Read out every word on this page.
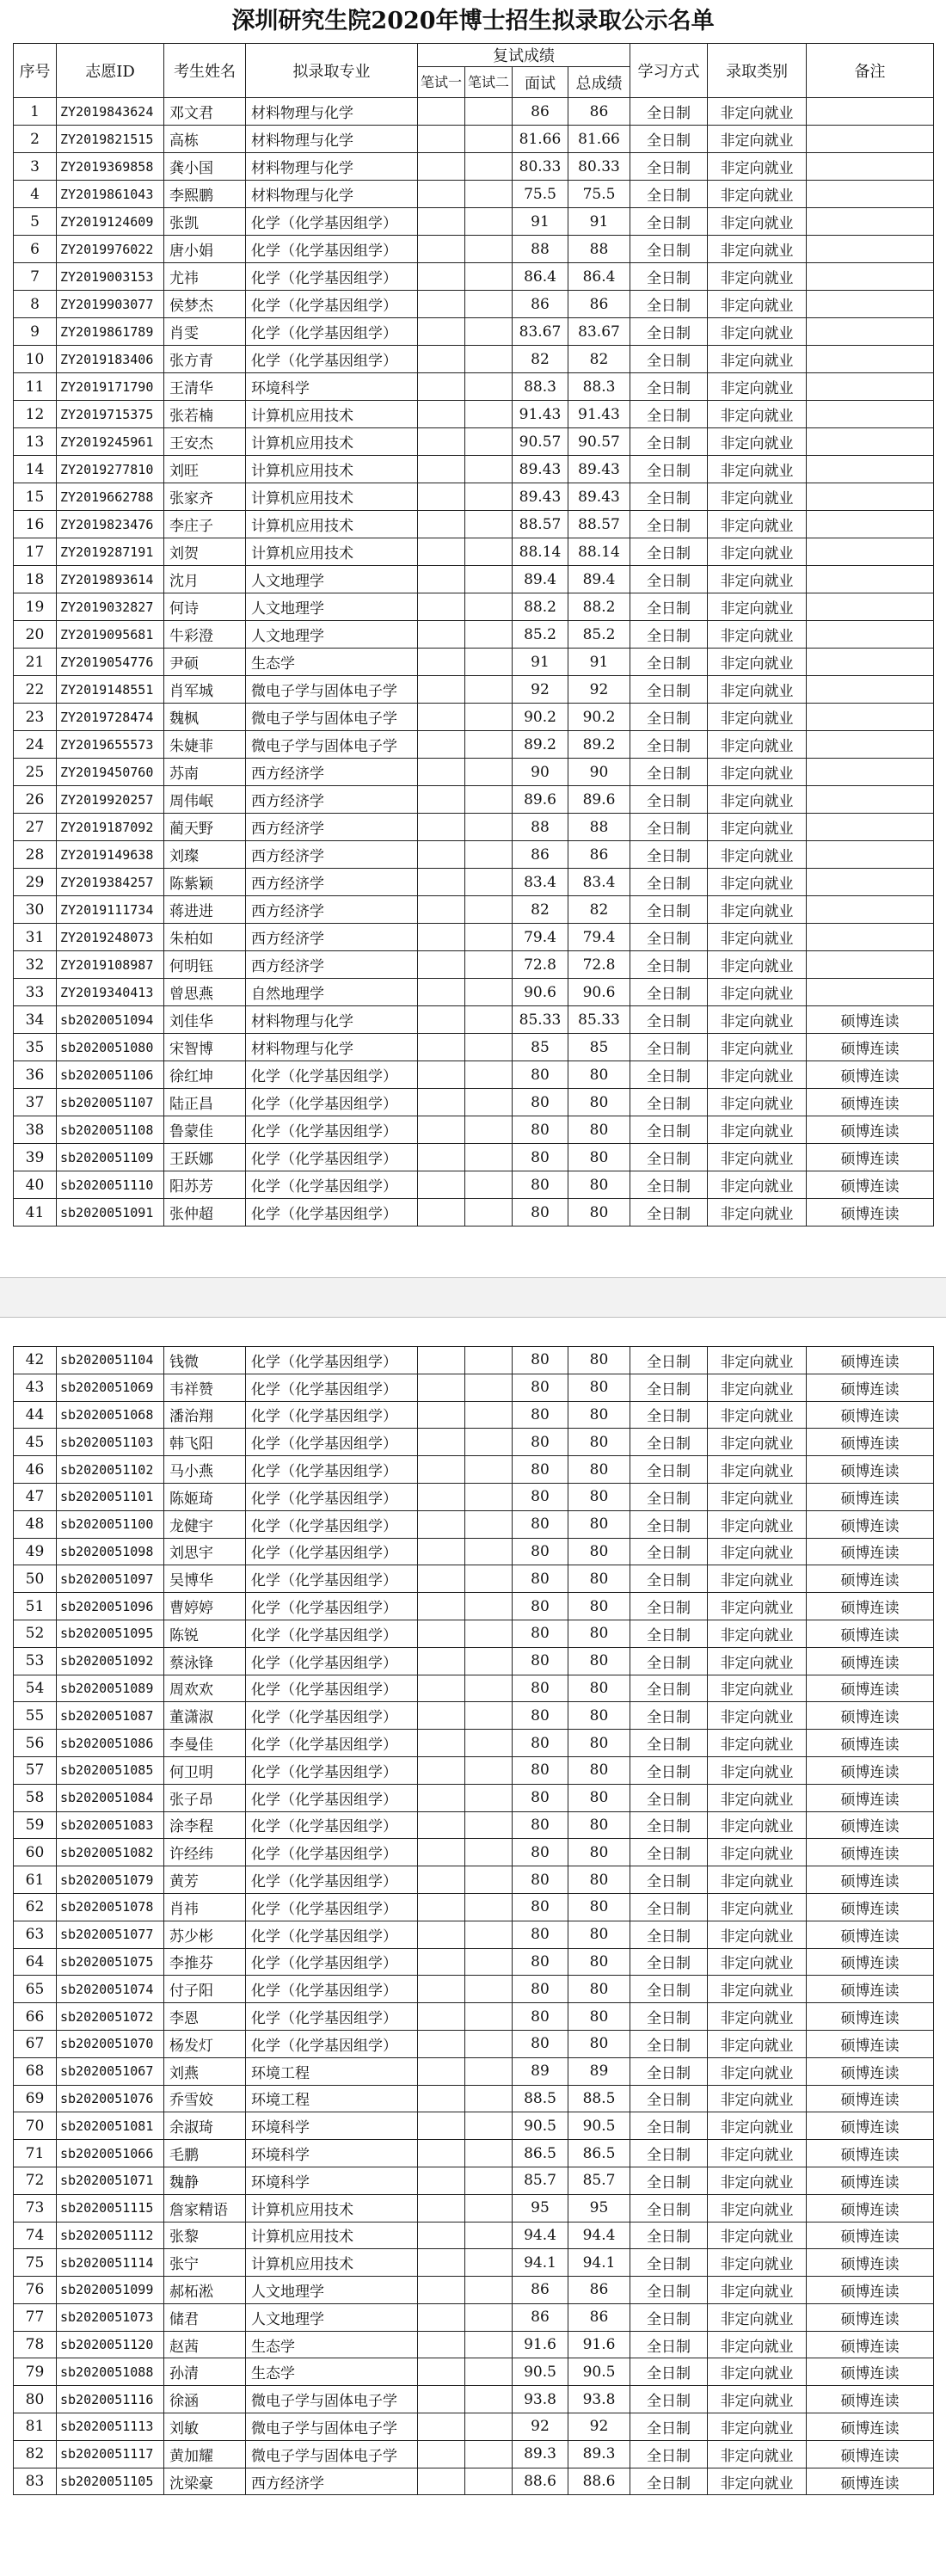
深圳研究生院2020年博士招生拟录取公示名单
序号	志愿ID	考生姓名	拟录取专业	复试成绩				学习方式	录取类别	备注
				笔试一	笔试二	面试	总成绩			
1	ZY2019843624	邓文君	材料物理与化学			86	86	全日制	非定向就业	
2	ZY2019821515	高栋	材料物理与化学			81.66	81.66	全日制	非定向就业	
3	ZY2019369858	龚小国	材料物理与化学			80.33	80.33	全日制	非定向就业	
4	ZY2019861043	李熙鹏	材料物理与化学			75.5	75.5	全日制	非定向就业	
5	ZY2019124609	张凯	化学（化学基因组学）			91	91	全日制	非定向就业	
6	ZY2019976022	唐小娟	化学（化学基因组学）			88	88	全日制	非定向就业	
7	ZY2019003153	尤祎	化学（化学基因组学）			86.4	86.4	全日制	非定向就业	
8	ZY2019903077	侯梦杰	化学（化学基因组学）			86	86	全日制	非定向就业	
9	ZY2019861789	肖雯	化学（化学基因组学）			83.67	83.67	全日制	非定向就业	
10	ZY2019183406	张方青	化学（化学基因组学）			82	82	全日制	非定向就业	
11	ZY2019171790	王清华	环境科学			88.3	88.3	全日制	非定向就业	
12	ZY2019715375	张若楠	计算机应用技术			91.43	91.43	全日制	非定向就业	
13	ZY2019245961	王安杰	计算机应用技术			90.57	90.57	全日制	非定向就业	
14	ZY2019277810	刘旺	计算机应用技术			89.43	89.43	全日制	非定向就业	
15	ZY2019662788	张家齐	计算机应用技术			89.43	89.43	全日制	非定向就业	
16	ZY2019823476	李庄子	计算机应用技术			88.57	88.57	全日制	非定向就业	
17	ZY2019287191	刘贺	计算机应用技术			88.14	88.14	全日制	非定向就业	
18	ZY2019893614	沈月	人文地理学			89.4	89.4	全日制	非定向就业	
19	ZY2019032827	何诗	人文地理学			88.2	88.2	全日制	非定向就业	
20	ZY2019095681	牛彩澄	人文地理学			85.2	85.2	全日制	非定向就业	
21	ZY2019054776	尹硕	生态学			91	91	全日制	非定向就业	
22	ZY2019148551	肖军城	微电子学与固体电子学			92	92	全日制	非定向就业	
23	ZY2019728474	魏枫	微电子学与固体电子学			90.2	90.2	全日制	非定向就业	
24	ZY2019655573	朱婕菲	微电子学与固体电子学			89.2	89.2	全日制	非定向就业	
25	ZY2019450760	苏南	西方经济学			90	90	全日制	非定向就业	
26	ZY2019920257	周伟岷	西方经济学			89.6	89.6	全日制	非定向就业	
27	ZY2019187092	蔺天野	西方经济学			88	88	全日制	非定向就业	
28	ZY2019149638	刘璨	西方经济学			86	86	全日制	非定向就业	
29	ZY2019384257	陈紫颖	西方经济学			83.4	83.4	全日制	非定向就业	
30	ZY2019111734	蒋进进	西方经济学			82	82	全日制	非定向就业	
31	ZY2019248073	朱柏如	西方经济学			79.4	79.4	全日制	非定向就业	
32	ZY2019108987	何明钰	西方经济学			72.8	72.8	全日制	非定向就业	
33	ZY2019340413	曾思燕	自然地理学			90.6	90.6	全日制	非定向就业	
34	sb2020051094	刘佳华	材料物理与化学			85.33	85.33	全日制	非定向就业	硕博连读
35	sb2020051080	宋智博	材料物理与化学			85	85	全日制	非定向就业	硕博连读
36	sb2020051106	徐红坤	化学（化学基因组学）			80	80	全日制	非定向就业	硕博连读
37	sb2020051107	陆正昌	化学（化学基因组学）			80	80	全日制	非定向就业	硕博连读
38	sb2020051108	鲁蒙佳	化学（化学基因组学）			80	80	全日制	非定向就业	硕博连读
39	sb2020051109	王跃娜	化学（化学基因组学）			80	80	全日制	非定向就业	硕博连读
40	sb2020051110	阳苏芳	化学（化学基因组学）			80	80	全日制	非定向就业	硕博连读
41	sb2020051091	张仲超	化学（化学基因组学）			80	80	全日制	非定向就业	硕博连读
42	sb2020051104	钱微	化学（化学基因组学）			80	80	全日制	非定向就业	硕博连读
43	sb2020051069	韦祥赞	化学（化学基因组学）			80	80	全日制	非定向就业	硕博连读
44	sb2020051068	潘治翔	化学（化学基因组学）			80	80	全日制	非定向就业	硕博连读
45	sb2020051103	韩飞阳	化学（化学基因组学）			80	80	全日制	非定向就业	硕博连读
46	sb2020051102	马小燕	化学（化学基因组学）			80	80	全日制	非定向就业	硕博连读
47	sb2020051101	陈姬琦	化学（化学基因组学）			80	80	全日制	非定向就业	硕博连读
48	sb2020051100	龙健宇	化学（化学基因组学）			80	80	全日制	非定向就业	硕博连读
49	sb2020051098	刘思宇	化学（化学基因组学）			80	80	全日制	非定向就业	硕博连读
50	sb2020051097	吴博华	化学（化学基因组学）			80	80	全日制	非定向就业	硕博连读
51	sb2020051096	曹婷婷	化学（化学基因组学）			80	80	全日制	非定向就业	硕博连读
52	sb2020051095	陈锐	化学（化学基因组学）			80	80	全日制	非定向就业	硕博连读
53	sb2020051092	蔡泳锋	化学（化学基因组学）			80	80	全日制	非定向就业	硕博连读
54	sb2020051089	周欢欢	化学（化学基因组学）			80	80	全日制	非定向就业	硕博连读
55	sb2020051087	董潇淑	化学（化学基因组学）			80	80	全日制	非定向就业	硕博连读
56	sb2020051086	李曼佳	化学（化学基因组学）			80	80	全日制	非定向就业	硕博连读
57	sb2020051085	何卫明	化学（化学基因组学）			80	80	全日制	非定向就业	硕博连读
58	sb2020051084	张子昂	化学（化学基因组学）			80	80	全日制	非定向就业	硕博连读
59	sb2020051083	涂李程	化学（化学基因组学）			80	80	全日制	非定向就业	硕博连读
60	sb2020051082	许经纬	化学（化学基因组学）			80	80	全日制	非定向就业	硕博连读
61	sb2020051079	黄芳	化学（化学基因组学）			80	80	全日制	非定向就业	硕博连读
62	sb2020051078	肖祎	化学（化学基因组学）			80	80	全日制	非定向就业	硕博连读
63	sb2020051077	苏少彬	化学（化学基因组学）			80	80	全日制	非定向就业	硕博连读
64	sb2020051075	李推芬	化学（化学基因组学）			80	80	全日制	非定向就业	硕博连读
65	sb2020051074	付子阳	化学（化学基因组学）			80	80	全日制	非定向就业	硕博连读
66	sb2020051072	李恩	化学（化学基因组学）			80	80	全日制	非定向就业	硕博连读
67	sb2020051070	杨发灯	化学（化学基因组学）			80	80	全日制	非定向就业	硕博连读
68	sb2020051067	刘燕	环境工程			89	89	全日制	非定向就业	硕博连读
69	sb2020051076	乔雪姣	环境工程			88.5	88.5	全日制	非定向就业	硕博连读
70	sb2020051081	余淑琦	环境科学			90.5	90.5	全日制	非定向就业	硕博连读
71	sb2020051066	毛鹏	环境科学			86.5	86.5	全日制	非定向就业	硕博连读
72	sb2020051071	魏静	环境科学			85.7	85.7	全日制	非定向就业	硕博连读
73	sb2020051115	詹家精语	计算机应用技术			95	95	全日制	非定向就业	硕博连读
74	sb2020051112	张黎	计算机应用技术			94.4	94.4	全日制	非定向就业	硕博连读
75	sb2020051114	张宁	计算机应用技术			94.1	94.1	全日制	非定向就业	硕博连读
76	sb2020051099	郝柘淞	人文地理学			86	86	全日制	非定向就业	硕博连读
77	sb2020051073	储君	人文地理学			86	86	全日制	非定向就业	硕博连读
78	sb2020051120	赵茜	生态学			91.6	91.6	全日制	非定向就业	硕博连读
79	sb2020051088	孙清	生态学			90.5	90.5	全日制	非定向就业	硕博连读
80	sb2020051116	徐涵	微电子学与固体电子学			93.8	93.8	全日制	非定向就业	硕博连读
81	sb2020051113	刘敏	微电子学与固体电子学			92	92	全日制	非定向就业	硕博连读
82	sb2020051117	黄加耀	微电子学与固体电子学			89.3	89.3	全日制	非定向就业	硕博连读
83	sb2020051105	沈梁豪	西方经济学			88.6	88.6	全日制	非定向就业	硕博连读
